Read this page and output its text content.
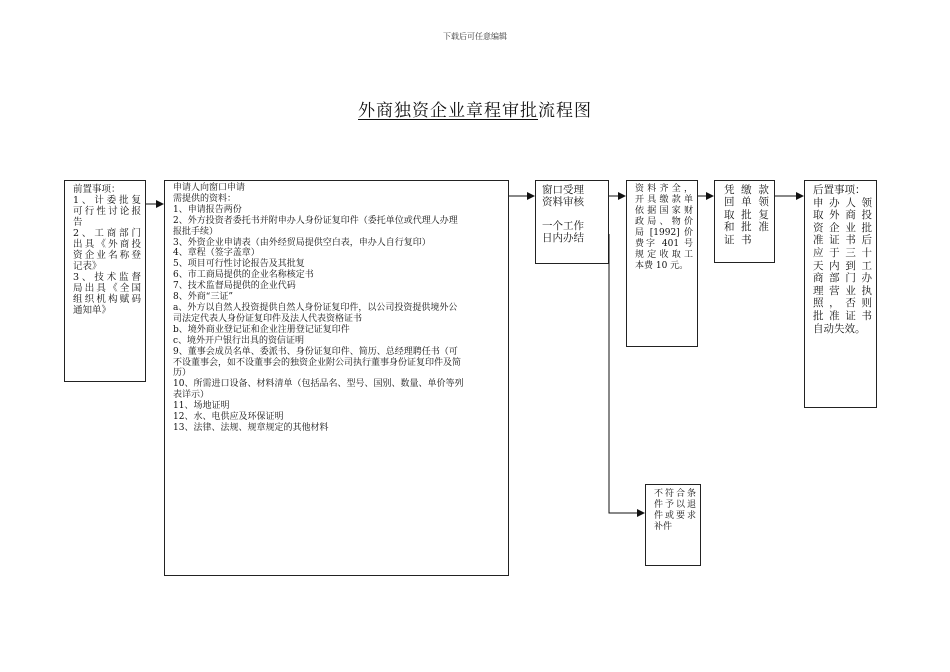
下载后可任意编辑
外商独资企业章程审批流程图
前置事项：
1、计委批复
可行性讨论报
告
2、工商部门
出具《外商投
资企业名称登
记表》
3、技术监督
局出具《全国
组织机构赋码
通知单》
申请人向窗口申请
需提供的资料：
1、申请报告两份
2、外方投资者委托书并附申办人身份证复印件（委托单位或代理人办理
报批手续）
3、外资企业申请表（由外经贸局提供空白表，申办人自行复印）
4、章程（签字盖章）
5、项目可行性讨论报告及其批复
6、市工商局提供的企业名称核定书
7、技术监督局提供的企业代码
8、外商“三证”
a、外方以自然人投资提供自然人身份证复印件，以公司投资提供境外公
司法定代表人身份证复印件及法人代表资格证书
b、境外商业登记证和企业注册登记证复印件
c、境外开户银行出具的资信证明
9、董事会成员名单、委派书、身份证复印件、简历、总经理聘任书（可
不设董事会，如不设董事会的独资企业附公司执行董事身份证复印件及简
历）
10、所需进口设备、材料清单（包括品名、型号、国别、数量、单价等列
表详示）
11、场地证明
12、水、电供应及环保证明
13、法律、法规、规章规定的其他材料
窗口受理
资料审核

一个工作
日内办结
资料齐全，
开具缴款单
依据国家财
政局、物价
局 [1992] 价
费字 401 号
规定收取工
本费 10 元。
凭  缴  款
回  单  领
取  批  复
和  批  准
证  书
后置事项：
申办人领
取外商投
资企业批
准证书后
应于三十
天内到工
商部门办
理营业执
照，否则
批准证书
自动失效。
不符合条
件予以退
件或要求
补件
